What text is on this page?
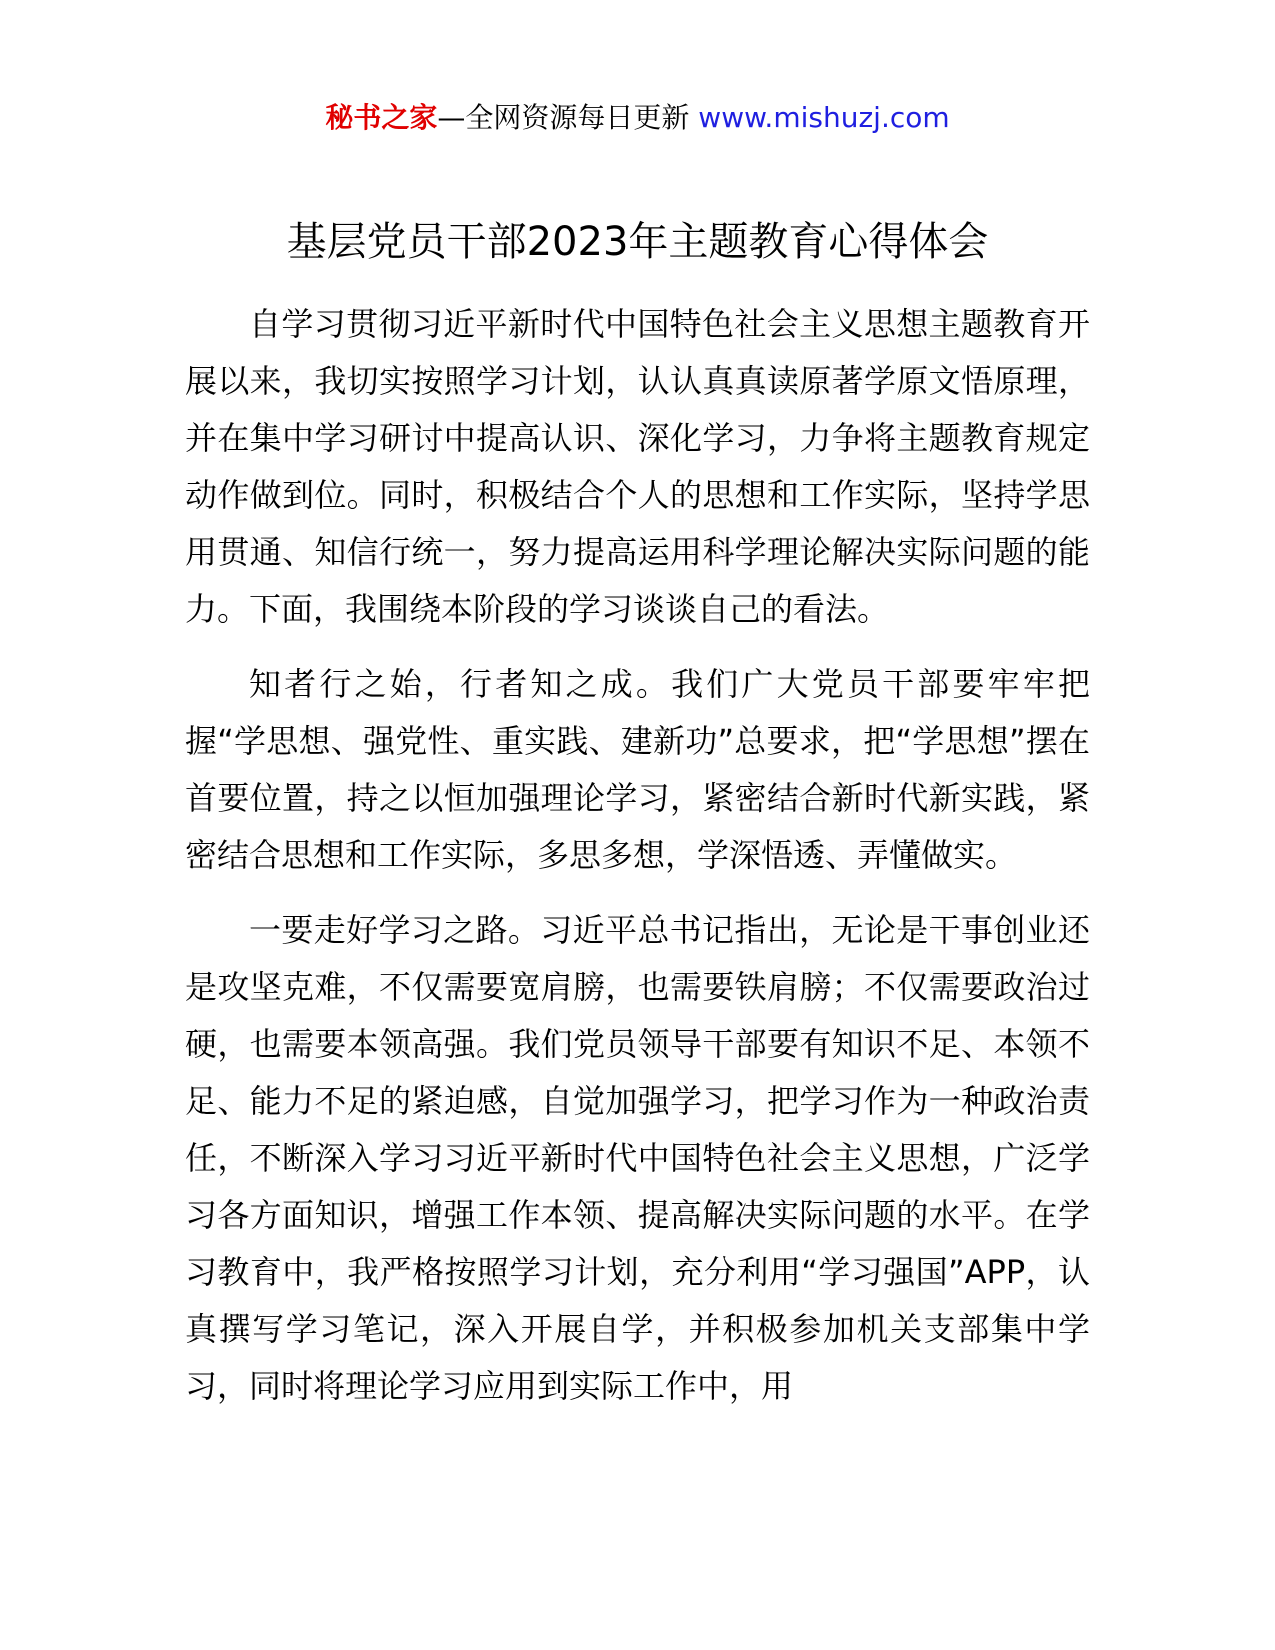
秘书之家—全网资源每日更新 www.mishuzj.com
基层党员干部2023年主题教育心得体会

自学习贯彻习近平新时代中国特色社会主义思想主题教育开展以来，我切实按照学习计划，认认真真读原著学原文悟原理，并在集中学习研讨中提高认识、深化学习，力争将主题教育规定动作做到位。同时，积极结合个人的思想和工作实际，坚持学思用贯通、知信行统一，努力提高运用科学理论解决实际问题的能力。下面，我围绕本阶段的学习谈谈自己的看法。

知者行之始，行者知之成。我们广大党员干部要牢牢把握“学思想、强党性、重实践、建新功”总要求，把“学思想”摆在首要位置，持之以恒加强理论学习，紧密结合新时代新实践，紧密结合思想和工作实际，多思多想，学深悟透、弄懂做实。

一要走好学习之路。习近平总书记指出，无论是干事创业还是攻坚克难，不仅需要宽肩膀，也需要铁肩膀；不仅需要政治过硬，也需要本领高强。我们党员领导干部要有知识不足、本领不足、能力不足的紧迫感，自觉加强学习，把学习作为一种政治责任，不断深入学习习近平新时代中国特色社会主义思想，广泛学习各方面知识，增强工作本领、提高解决实际问题的水平。在学习教育中，我严格按照学习计划，充分利用“学习强国”APP，认真撰写学习笔记，深入开展自学，并积极参加机关支部集中学习，同时将理论学习应用到实际工作中，用
